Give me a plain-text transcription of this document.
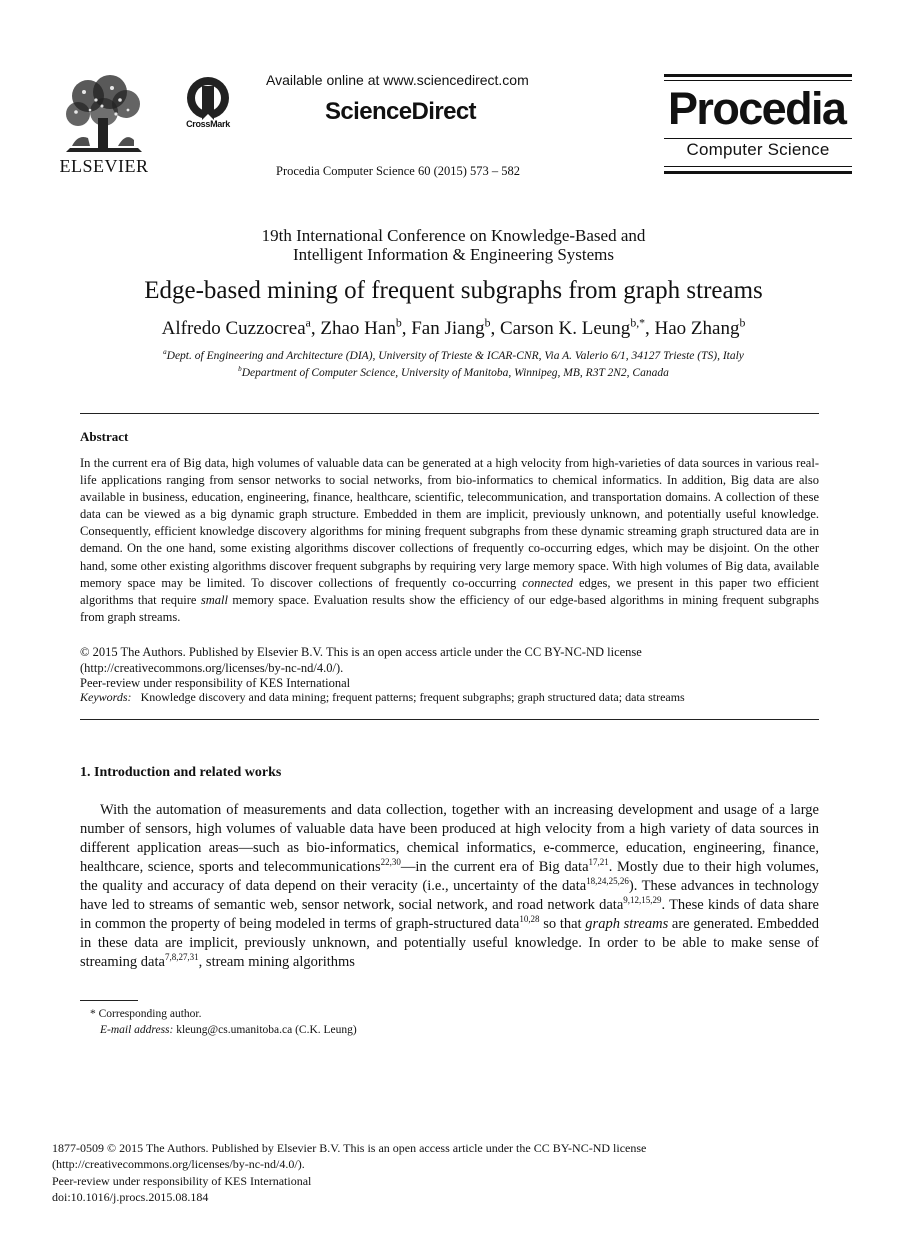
ELSEVIER
CrossMark
Available online at www.sciencedirect.com
ScienceDirect
Procedia Computer Science 60 (2015) 573 – 582
Procedia
Computer Science
19th International Conference on Knowledge-Based and
Intelligent Information & Engineering Systems
Edge-based mining of frequent subgraphs from graph streams
Alfredo Cuzzocrea$^a$, Zhao Han$^b$, Fan Jiang$^b$, Carson K. Leung$^{b,*}$, Hao Zhang$^b$
$^a$Dept. of Engineering and Architecture (DIA), University of Trieste & ICAR-CNR, Via A. Valerio 6/1, 34127 Trieste (TS), Italy
$^b$Department of Computer Science, University of Manitoba, Winnipeg, MB, R3T 2N2, Canada
Abstract
In the current era of Big data, high volumes of valuable data can be generated at a high velocity from high-varieties of data sources in various real-life applications ranging from sensor networks to social networks, from bio-informatics to chemical informatics. In addition, Big data are also available in business, education, engineering, finance, healthcare, scientific, telecommunication, and transportation domains. A collection of these data can be viewed as a big dynamic graph structure. Embedded in them are implicit, previously unknown, and potentially useful knowledge. Consequently, efficient knowledge discovery algorithms for mining frequent subgraphs from these dynamic streaming graph structured data are in demand. On the one hand, some existing algorithms discover collections of frequently co-occurring edges, which may be disjoint. On the other hand, some other existing algorithms discover frequent subgraphs by requiring very large memory space. With high volumes of Big data, available memory space may be limited. To discover collections of frequently co-occurring connected edges, we present in this paper two efficient algorithms that require small memory space. Evaluation results show the efficiency of our edge-based algorithms in mining frequent subgraphs from graph streams.
© 2015 The Authors. Published by Elsevier B.V. This is an open access article under the CC BY-NC-ND license
(http://creativecommons.org/licenses/by-nc-nd/4.0/).
Peer-review under responsibility of KES International
Keywords: Knowledge discovery and data mining; frequent patterns; frequent subgraphs; graph structured data; data streams
1. Introduction and related works
With the automation of measurements and data collection, together with an increasing development and usage of a large number of sensors, high volumes of valuable data have been produced at high velocity from a high variety of data sources in different application areas—such as bio-informatics, chemical informatics, e-commerce, education, engineering, finance, healthcare, science, sports and telecommunications$^{22,30}$—in the current era of Big data$^{17,21}$. Mostly due to their high volumes, the quality and accuracy of data depend on their veracity (i.e., uncertainty of the data$^{18,24,25,26}$). These advances in technology have led to streams of semantic web, sensor network, social network, and road network data$^{9,12,15,29}$. These kinds of data share in common the property of being modeled in terms of graph-structured data$^{10,28}$ so that graph streams are generated. Embedded in these data are implicit, previously unknown, and potentially useful knowledge. In order to be able to make sense of streaming data$^{7,8,27,31}$, stream mining algorithms
* Corresponding author.
E-mail address: kleung@cs.umanitoba.ca (C.K. Leung)
1877-0509 © 2015 The Authors. Published by Elsevier B.V. This is an open access article under the CC BY-NC-ND license
(http://creativecommons.org/licenses/by-nc-nd/4.0/).
Peer-review under responsibility of KES International
doi:10.1016/j.procs.2015.08.184
